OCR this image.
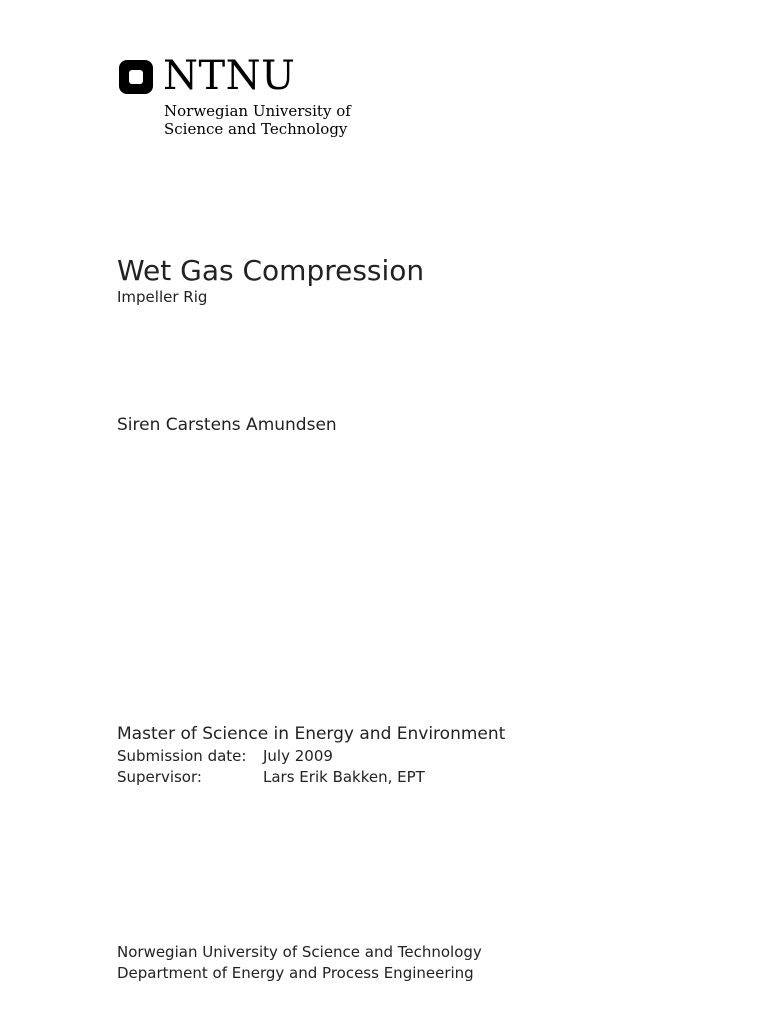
NTNU
Norwegian University of
Science and Technology
Wet Gas Compression
Impeller Rig
Siren Carstens Amundsen
Master of Science in Energy and Environment
Submission date: July 2009
Supervisor:	Lars Erik Bakken, EPT
Norwegian University of Science and Technology
Department of Energy and Process Engineering
